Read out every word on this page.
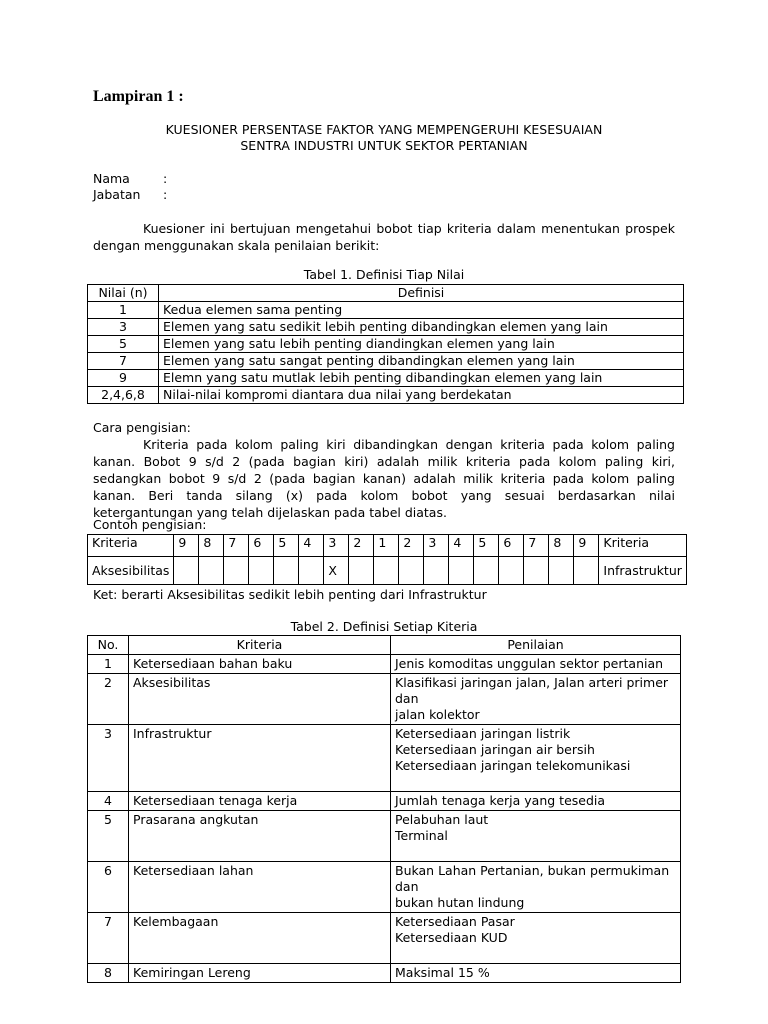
Lampiran 1 :
KUESIONER PERSENTASE FAKTOR YANG MEMPENGERUHI KESESUAIAN
SENTRA INDUSTRI UNTUK SEKTOR PERTANIAN
Nama	:
Jabatan :
Kuesioner ini bertujuan mengetahui bobot tiap kriteria dalam menentukan prospek dengan menggunakan skala penilaian berikit:
Tabel 1. Definisi Tiap Nilai
Nilai (n)	Definisi
1	Kedua elemen sama penting
3	Elemen yang satu sedikit lebih penting dibandingkan elemen yang lain
5	Elemen yang satu lebih penting diandingkan elemen yang lain
7	Elemen yang satu sangat penting dibandingkan elemen yang lain
9	Elemn yang satu mutlak lebih penting dibandingkan elemen yang lain
2,4,6,8	Nilai-nilai kompromi diantara dua nilai yang berdekatan
Cara pengisian:
Kriteria pada kolom paling kiri dibandingkan dengan kriteria pada kolom paling kanan. Bobot 9 s/d 2 (pada bagian kiri) adalah milik kriteria pada kolom paling kiri, sedangkan bobot 9 s/d 2 (pada bagian kanan) adalah milik kriteria pada kolom paling kanan. Beri tanda silang (x) pada kolom bobot yang sesuai berdasarkan nilai ketergantungan yang telah dijelaskan pada tabel diatas.
Contoh pengisian:
Kriteria	9	8	7	6	5	4	3	2	1	2	3	4	5	6	7	8	9	Kriteria
Aksesibilitas							X											Infrastruktur
Ket: berarti Aksesibilitas sedikit lebih penting dari Infrastruktur
Tabel 2. Definisi Setiap Kiteria
No.	Kriteria	Penilaian
1	Ketersediaan bahan baku	Jenis komoditas unggulan sektor pertanian

2	Aksesibilitas	Klasifikasi jaringan jalan, Jalan arteri primer dan
jalan kolektor

3	Infrastruktur	Ketersediaan jaringan listrik
Ketersediaan jaringan air bersih
Ketersediaan jaringan telekomunikasi

4	Ketersediaan tenaga kerja	Jumlah tenaga kerja yang tesedia

5	Prasarana angkutan	Pelabuhan laut
Terminal

6	Ketersediaan lahan	Bukan Lahan Pertanian, bukan permukiman dan
bukan hutan lindung

7	Kelembagaan	Ketersediaan Pasar
Ketersediaan KUD

8	Kemiringan Lereng	Maksimal 15 %
